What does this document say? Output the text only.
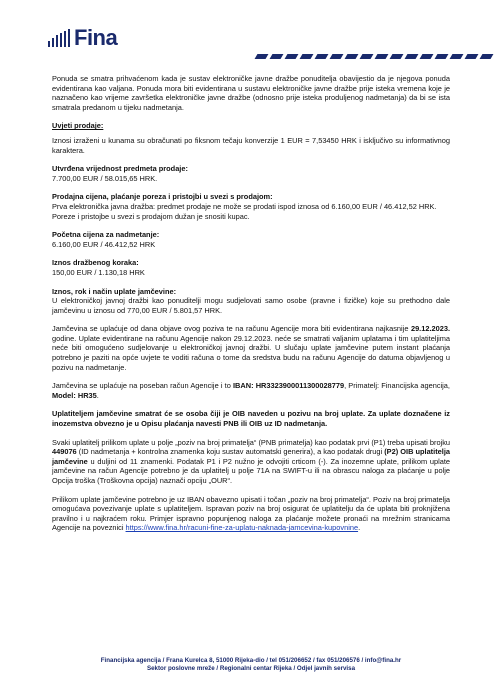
Fina

Ponuda se smatra prihvaćenom kada je sustav elektroničke javne dražbe ponuditelja obavijestio da je njegova ponuda evidentirana kao valjana. Ponuda mora biti evidentirana u sustavu elektroničke javne dražbe prije isteka vremena koje je naznačeno kao vrijeme završetka elektroničke javne dražbe (odnosno prije isteka produljenog nadmetanja) da bi se ista smatrala predanom u tijeku nadmetanja.

Uvjeti prodaje:

Iznosi izraženi u kunama su obračunati po fiksnom tečaju konverzije 1 EUR = 7,53450 HRK i isključivo su informativnog karaktera.

Utvrđena vrijednost predmeta prodaje:

7.700,00 EUR / 58.015,65 HRK.

Prodajna cijena, plaćanje poreza i pristojbi u svezi s prodajom:

Prva elektronička javna dražba: predmet prodaje ne može se prodati ispod iznosa od 6.160,00 EUR / 46.412,52 HRK.

Poreze i pristojbe u svezi s prodajom dužan je snositi kupac.

Početna cijena za nadmetanje:

6.160,00 EUR / 46.412,52 HRK

Iznos dražbenog koraka:

150,00 EUR / 1.130,18 HRK

Iznos, rok i način uplate jamčevine:

U elektroničkoj javnoj dražbi kao ponuditelji mogu sudjelovati samo osobe (pravne i fizičke) koje su prethodno dale jamčevinu u iznosu od 770,00 EUR / 5.801,57 HRK.

Jamčevina se uplaćuje od dana objave ovog poziva te na računu Agencije mora biti evidentirana najkasnije 29.12.2023. godine. Uplate evidentirane na računu Agencije nakon 29.12.2023. neće se smatrati valjanim uplatama i tim uplatiteljima neće biti omogućeno sudjelovanje u elektroničkoj javnoj dražbi. U slučaju uplate jamčevine putem instant plaćanja potrebno je paziti na opće uvjete te voditi računa o tome da sredstva budu na računu Agencije do datuma objavljenog u pozivu na nadmetanje.

Jamčevina se uplaćuje na poseban račun Agencije i to IBAN: HR3323900011300028779, Primatelj: Financijska agencija, Model: HR35.

Uplatiteljem jamčevine smatrat će se osoba čiji je OIB naveden u pozivu na broj uplate. Za uplate doznačene iz inozemstva obvezno je u Opisu plaćanja navesti PNB ili OIB uz ID nadmetanja.

Svaki uplatitelj prilikom uplate u polje „poziv na broj primatelja“ (PNB primatelja) kao podatak prvi (P1) treba upisati brojku 449076 (ID nadmetanja + kontrolna znamenka koju sustav automatski generira), a kao podatak drugi (P2) OIB uplatitelja jamčevine u duljini od 11 znamenki. Podatak P1 i P2 nužno je odvojiti crticom (-). Za inozemne uplate, prilikom uplate jamčevine na račun Agencije potrebno je da uplatitelj u polje 71A na SWIFT-u ili na obrascu naloga za plaćanje u polje Opcija troška (Troškovna opcija) naznači opciju „OUR“.

Prilikom uplate jamčevine potrebno je uz IBAN obavezno upisati i točan „poziv na broj primatelja“. Poziv na broj primatelja omogućava povezivanje uplate s uplatiteljem. Ispravan poziv na broj osigurat će uplatitelju da će uplata biti proknjižena pravilno i u najkraćem roku. Primjer ispravno popunjenog naloga za plaćanje možete pronaći na mrežnim stranicama Agencije na poveznici https://www.fina.hr/racuni-fine-za-uplatu-naknada-jamcevina-kupovnine.

Financijska agencija / Frana Kurelca 8, 51000 Rijeka-dio / tel 051/206652 / fax 051/206576 / info@fina.hr
Sektor poslovne mreže / Regionalni centar Rijeka / Odjel javnih servisa
